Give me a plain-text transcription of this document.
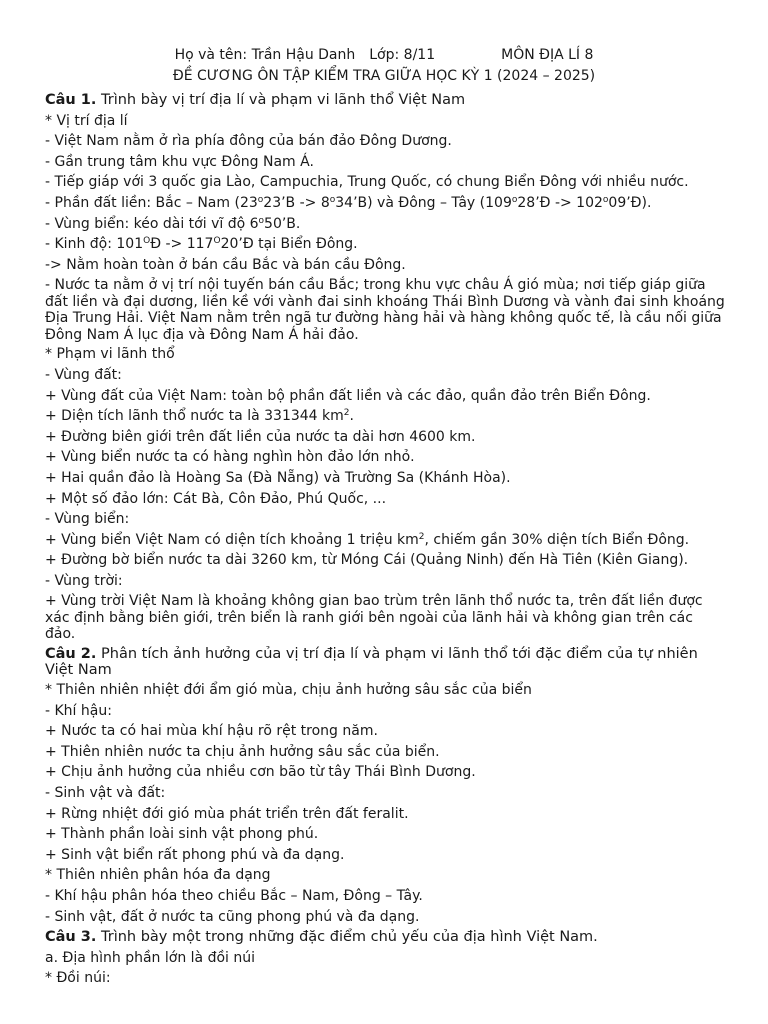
Họ và tên: Trần Hậu Danh Lớp: 8/11	MÔN ĐỊA LÍ 8
ĐỀ CƯƠNG ÔN TẬP KIỂM TRA GIỮA HỌC KỲ 1 (2024 – 2025)
Câu 1. Trình bày vị trí địa lí và phạm vi lãnh thổ Việt Nam
* Vị trí địa lí
- Việt Nam nằm ở rìa phía đông của bán đảo Đông Dương.
- Gần trung tâm khu vực Đông Nam Á.
- Tiếp giáp với 3 quốc gia Lào, Campuchia, Trung Quốc, có chung Biển Đông với nhiều nước.
- Phần đất liền: Bắc – Nam (23$^o$23’B -> $8^o34’B$) và Đông – Tây (109$^o$28’Đ -> $102^o09’Đ$).
- Vùng biển: kéo dài tới vĩ độ 6$^o$50’B.
- Kinh độ: $101^OĐ$ -> $117^O20’Đ$ tại Biển Đông.
-> Nằm hoàn toàn ở bán cầu Bắc và bán cầu Đông.
- Nước ta nằm ở vị trí nội tuyến bán cầu Bắc; trong khu vực châu Á gió mùa; nơi tiếp giáp giữa đất liền và đại dương, liền kề với vành đai sinh khoáng Thái Bình Dương và vành đai sinh khoáng Địa Trung Hải. Việt Nam nằm trên ngã tư đường hàng hải và hàng không quốc tế, là cầu nối giữa Đông Nam Á lục địa và Đông Nam Á hải đảo.
* Phạm vi lãnh thổ
- Vùng đất:
+ Vùng đất của Việt Nam: toàn bộ phần đất liền và các đảo, quần đảo trên Biển Đông.
+ Diện tích lãnh thổ nước ta là 331344 $km^2$.
+ Đường biên giới trên đất liền của nước ta dài hơn 4600 km.
+ Vùng biển nước ta có hàng nghìn hòn đảo lớn nhỏ.
+ Hai quần đảo là Hoàng Sa (Đà Nẵng) và Trường Sa (Khánh Hòa).
+ Một số đảo lớn: Cát Bà, Côn Đảo, Phú Quốc, ...
- Vùng biển:
+ Vùng biển Việt Nam có diện tích khoảng 1 triệu $km^2$, chiếm gần 30% diện tích Biển Đông.
+ Đường bờ biển nước ta dài 3260 km, từ Móng Cái (Quảng Ninh) đến Hà Tiên (Kiên Giang).
- Vùng trời:
+ Vùng trời Việt Nam là khoảng không gian bao trùm trên lãnh thổ nước ta, trên đất liền được xác định bằng biên giới, trên biển là ranh giới bên ngoài của lãnh hải và không gian trên các đảo.
Câu 2. Phân tích ảnh hưởng của vị trí địa lí và phạm vi lãnh thổ tới đặc điểm của tự nhiên Việt Nam
* Thiên nhiên nhiệt đới ẩm gió mùa, chịu ảnh hưởng sâu sắc của biển
- Khí hậu:
+ Nước ta có hai mùa khí hậu rõ rệt trong năm.
+ Thiên nhiên nước ta chịu ảnh hưởng sâu sắc của biển.
+ Chịu ảnh hưởng của nhiều cơn bão từ tây Thái Bình Dương.
- Sinh vật và đất:
+ Rừng nhiệt đới gió mùa phát triển trên đất feralit.
+ Thành phần loài sinh vật phong phú.
+ Sinh vật biển rất phong phú và đa dạng.
* Thiên nhiên phân hóa đa dạng
- Khí hậu phân hóa theo chiều Bắc – Nam, Đông – Tây.
- Sinh vật, đất ở nước ta cũng phong phú và đa dạng.
Câu 3. Trình bày một trong những đặc điểm chủ yếu của địa hình Việt Nam.
a. Địa hình phần lớn là đồi núi
* Đồi núi:
